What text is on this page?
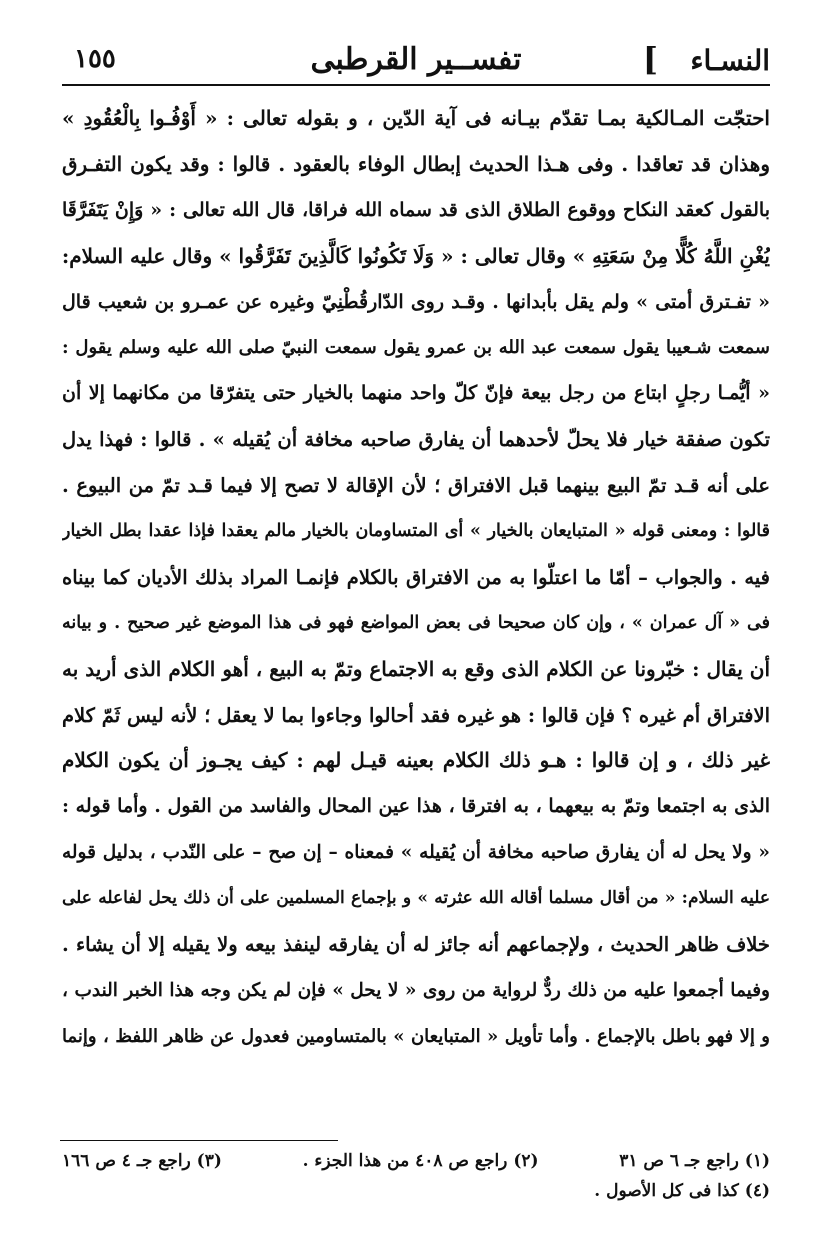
النسـاء
]
تفســير القرطبى
١٥٥
احتجّت المـالكية بمـا تقدّم بيـانه فى آية الدّين ، و بقوله تعالى : « أَوْفُـوا بِالْعُقُودِ »
وهذان قد تعاقدا . وفى هـذا الحديث إبطال الوفاء بالعقود . قالوا : وقد يكون التفـرق
بالقول كعقد النكاح ووقوع الطلاق الذى قد سماه الله فراقا، قال الله تعالى : « وَإِنْ يَتَفَرَّقَا
يُغْنِ اللَّهُ كُلًّا مِنْ سَعَتِهِ » وقال تعالى : « وَلَا تَكُونُوا كَالَّذِينَ تَفَرَّقُوا » وقال عليه السلام:
« تفـترق أمتى » ولم يقل بأبدانها . وقـد روى الدّارقُطْنِيّ وغيره عن عمـرو بن شعيب قال
سمعت شـعيبا يقول سمعت عبد الله بن عمرو يقول سمعت النبيّ صلى الله عليه وسلم يقول :
« أيُّمـا رجلٍ ابتاع من رجل بيعة فإنّ كلّ واحد منهما بالخيار حتى يتفرّقا من مكانهما إلا أن
تكون صفقة خيار فلا يحلّ لأحدهما أن يفارق صاحبه مخافة أن يُقيله » . قالوا : فهذا يدل
على أنه قـد تمّ البيع بينهما قبل الافتراق ؛ لأن الإقالة لا تصح إلا فيما قـد تمّ من البيوع .
قالوا : ومعنى قوله « المتبايعان بالخيار » أى المتساومان بالخيار مالم يعقدا فإذا عقدا بطل الخيار
فيه . والجواب – أمّا ما اعتلّوا به من الافتراق بالكلام فإنمـا المراد بذلك الأديان كما بيناه
فى « آل عمران » ، وإن كان صحيحا فى بعض المواضع فهو فى هذا الموضع غير صحيح . و بيانه
أن يقال : خبّرونا عن الكلام الذى وقع به الاجتماع وتمّ به البيع ، أهو الكلام الذى أريد به
الافتراق أم غيره ؟ فإن قالوا : هو غيره فقد أحالوا وجاءوا بما لا يعقل ؛ لأنه ليس ثَمّ كلام
غير ذلك ، و إن قالوا : هـو ذلك الكلام بعينه قيـل لهم : كيف يجـوز أن يكون الكلام
الذى به اجتمعا وتمّ به بيعهما ، به افترقا ، هذا عين المحال والفاسد من القول . وأما قوله :
« ولا يحل له أن يفارق صاحبه مخافة أن يُقيله » فمعناه – إن صح – على النّدب ، بدليل قوله
عليه السلام: « من أقال مسلما أقاله الله عثرته » و بإجماع المسلمين على أن ذلك يحل لفاعله على
خلاف ظاهر الحديث ، ولإجماعهم أنه جائز له أن يفارقه لينفذ بيعه ولا يقيله إلا أن يشاء .
وفيما أجمعوا عليه من ذلك ردٌّ لرواية من روى « لا يحل » فإن لم يكن وجه هذا الخبر الندب ،
و إلا فهو باطل بالإجماع . وأما تأويل « المتبايعان » بالمتساومين فعدول عن ظاهر اللفظ ، وإنما
(١) راجع جـ ٦ ص ٣١
(٢) راجع ص ٤٠٨ من هذا الجزء .
(٣) راجع جـ ٤ ص ١٦٦
(٤) كذا فى كل الأصول .
